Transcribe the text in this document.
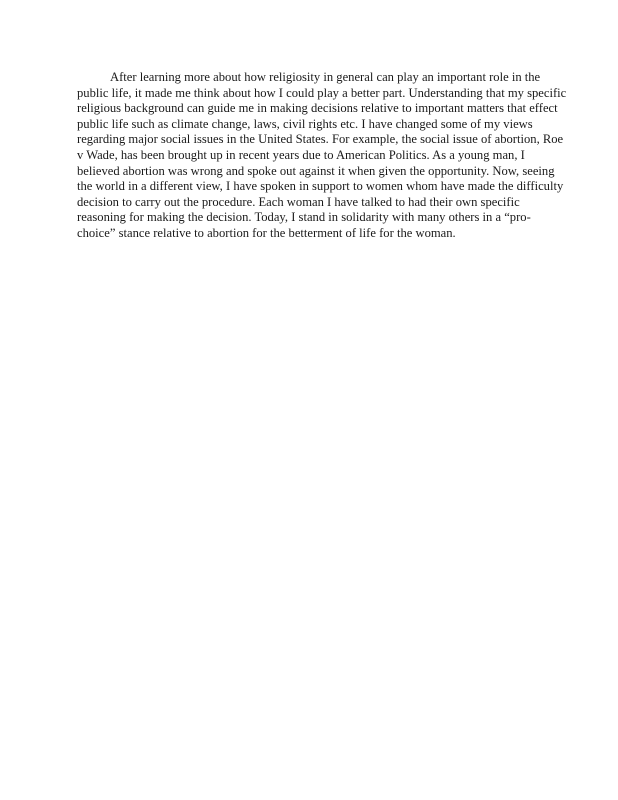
After learning more about how religiosity in general can play an important role in the
public life, it made me think about how I could play a better part. Understanding that my specific
religious background can guide me in making decisions relative to important matters that effect
public life such as climate change, laws, civil rights etc. I have changed some of my views
regarding major social issues in the United States. For example, the social issue of abortion, Roe
v Wade, has been brought up in recent years due to American Politics. As a young man, I
believed abortion was wrong and spoke out against it when given the opportunity. Now, seeing
the world in a different view, I have spoken in support to women whom have made the difficulty
decision to carry out the procedure. Each woman I have talked to had their own specific
reasoning for making the decision. Today, I stand in solidarity with many others in a “pro-
choice” stance relative to abortion for the betterment of life for the woman.
